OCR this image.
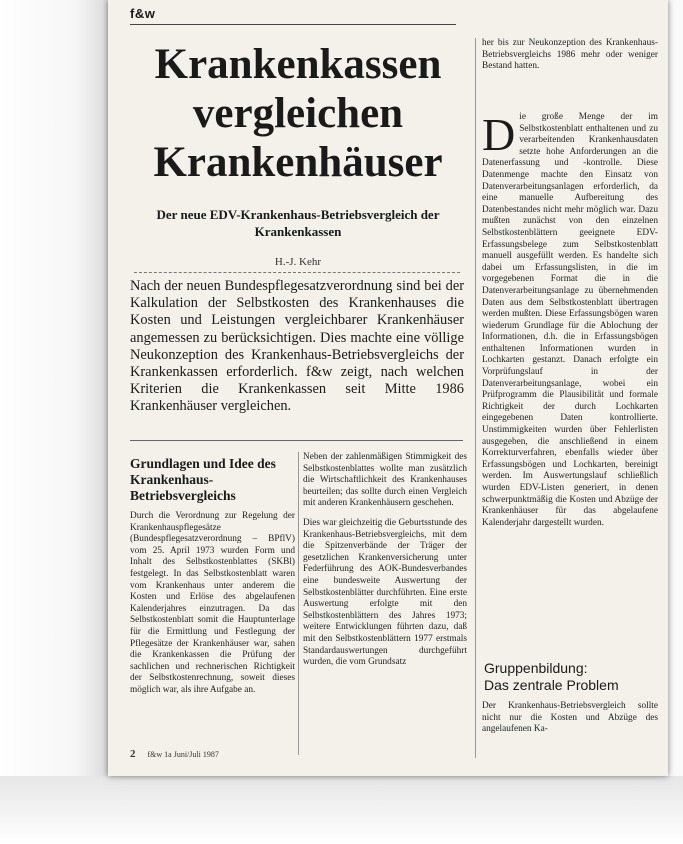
f&w
Krankenkassen
vergleichen
Krankenhäuser
Der neue EDV-Krankenhaus-Betriebsvergleich der Krankenkassen
H.-J. Kehr
Nach der neuen Bundespflegesatzverordnung sind bei der Kalkulation der Selbstkosten des Krankenhauses die Kosten und Leistungen vergleichbarer Krankenhäuser angemessen zu berücksichtigen. Dies machte eine völlige Neukonzeption des Krankenhaus-Betriebsvergleichs der Krankenkassen erforderlich. f&w zeigt, nach welchen Kriterien die Krankenkassen seit Mitte 1986 Krankenhäuser vergleichen.
Grundlagen und Idee des Krankenhaus-Betriebsvergleichs
Durch die Verordnung zur Regelung der Krankenhauspflegesätze (Bundespflegesatzverordnung – BPflV) vom 25. April 1973 wurden Form und Inhalt des Selbstkostenblattes (SKBl) festgelegt. In das Selbstkostenblatt waren vom Krankenhaus unter anderem die Kosten und Erlöse des abgelaufenen Kalenderjahres einzutragen. Da das Selbstkostenblatt somit die Hauptunterlage für die Ermittlung und Festlegung der Pflegesätze der Krankenhäuser war, sahen die Krankenkassen die Prüfung der sachlichen und rechnerischen Richtigkeit der Selbstkostenrechnung, soweit dieses möglich war, als ihre Aufgabe an.

Neben der zahlenmäßigen Stimmigkeit des Selbstkostenblattes wollte man zusätzlich die Wirtschaftlichkeit des Krankenhauses beurteilen; das sollte durch einen Vergleich mit anderen Krankenhäusern geschehen.

Dies war gleichzeitig die Geburtsstunde des Krankenhaus-Betriebsvergleichs, mit dem die Spitzenverbände der Träger der gesetzlichen Krankenversicherung unter Federführung des AOK-Bundesverbandes eine bundesweite Auswertung der Selbstkostenblätter durchführten. Eine erste Auswertung erfolgte mit den Selbstkostenblättern des Jahres 1973; weitere Entwicklungen führten dazu, daß mit den Selbstkostenblättern 1977 erstmals Standardauswertungen durchgeführt wurden, die vom Grundsatz

her bis zur Neukonzeption des Krankenhaus-Betriebsvergleichs 1986 mehr oder weniger Bestand hatten.
Die große Menge der im Selbstkostenblatt enthaltenen und zu verarbeitenden Krankenhausdaten setzte hohe Anforderungen an die Datenerfassung und -kontrolle. Diese Datenmenge machte den Einsatz von Datenverarbeitungsanlagen erforderlich, da eine manuelle Aufbereitung des Datenbestandes nicht mehr möglich war. Dazu mußten zunächst von den einzelnen Selbstkostenblättern geeignete EDV-Erfassungsbelege zum Selbstkostenblatt manuell ausgefüllt werden. Es handelte sich dabei um Erfassungslisten, in die im vorgegebenen Format die in die Datenverarbeitungsanlage zu übernehmenden Daten aus dem Selbstkostenblatt übertragen werden mußten. Diese Erfassungsbögen waren wiederum Grundlage für die Ablochung der Informationen, d.h. die in Erfassungsbögen enthaltenen Informationen wurden in Lochkarten gestanzt. Danach erfolgte ein Vorprüfungslauf in der Datenverarbeitungsanlage, wobei ein Prüfprogramm die Plausibilität und formale Richtigkeit der durch Lochkarten eingegebenen Daten kontrollierte. Unstimmigkeiten wurden über Fehlerlisten ausgegeben, die anschließend in einem Korrekturverfahren, ebenfalls wieder über Erfassungsbögen und Lochkarten, bereinigt werden. Im Auswertungslauf schließlich wurden EDV-Listen generiert, in denen schwerpunktmäßig die Kosten und Abzüge der Krankenhäuser für das abgelaufene Kalenderjahr dargestellt wurden.
Gruppenbildung:
Das zentrale Problem
Der Krankenhaus-Betriebsvergleich sollte nicht nur die Kosten und Abzüge des angelaufenen Ka-
2 f&w 1a Juni/Juli 1987
